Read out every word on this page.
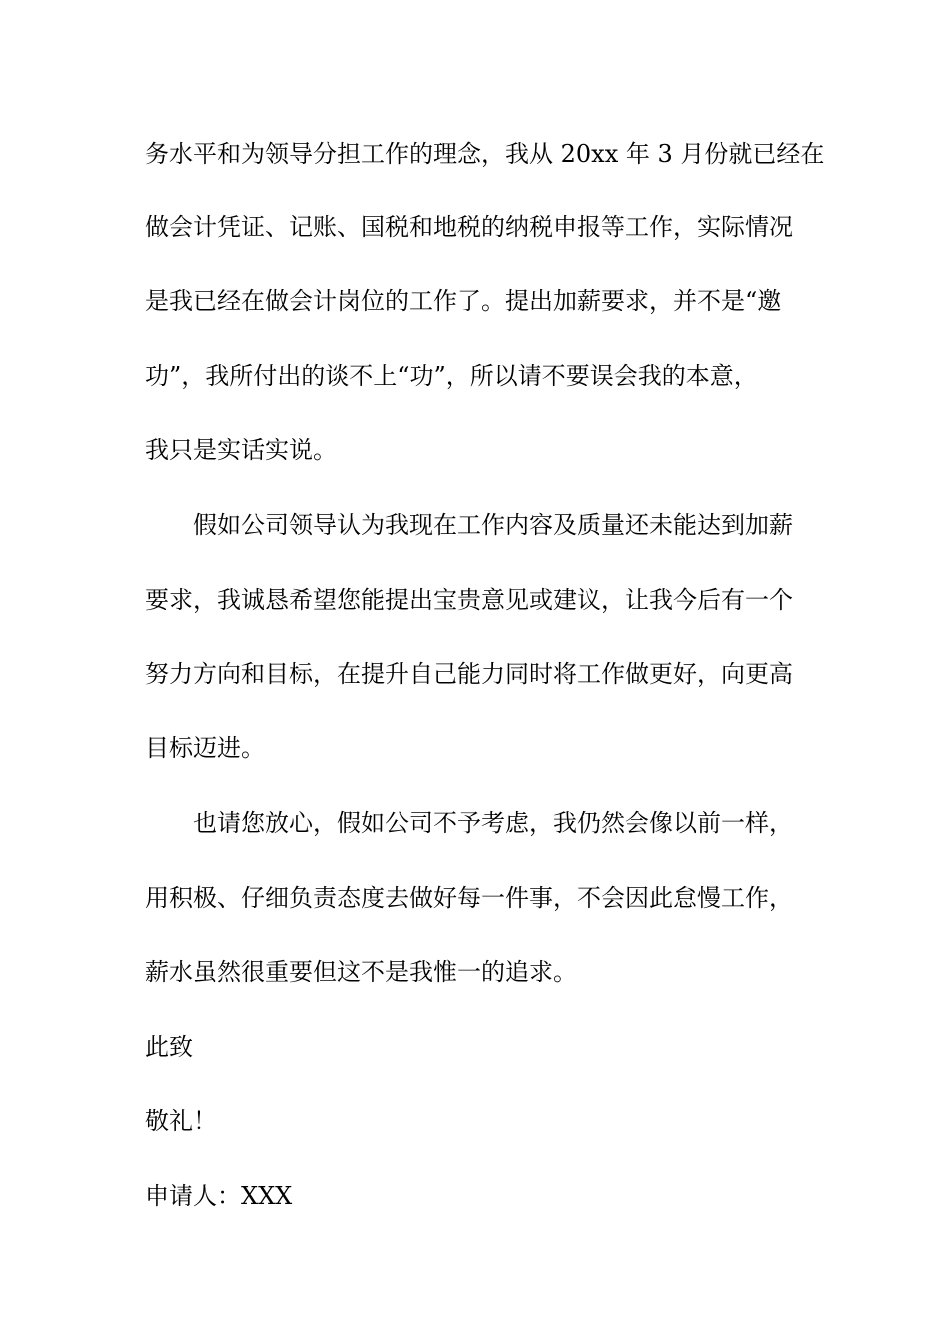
务水平和为领导分担工作的理念，我从 20xx 年 3 月份就已经在
做会计凭证、记账、国税和地税的纳税申报等工作，实际情况
是我已经在做会计岗位的工作了。提出加薪要求，并不是“邀
功”，我所付出的谈不上“功”，所以请不要误会我的本意，
我只是实话实说。
假如公司领导认为我现在工作内容及质量还未能达到加薪
要求，我诚恳希望您能提出宝贵意见或建议，让我今后有一个
努力方向和目标，在提升自己能力同时将工作做更好，向更高
目标迈进。
也请您放心，假如公司不予考虑，我仍然会像以前一样，
用积极、仔细负责态度去做好每一件事，不会因此怠慢工作，
薪水虽然很重要但这不是我惟一的追求。
此致
敬礼！
申请人：XXX
